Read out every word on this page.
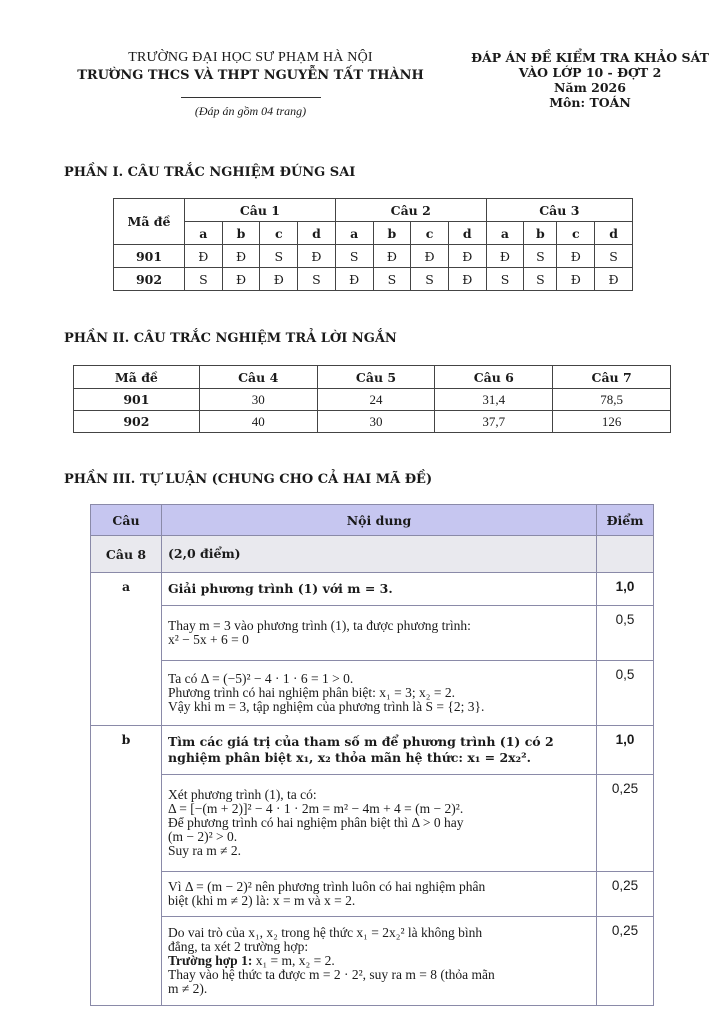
TRƯỜNG ĐẠI HỌC SƯ PHẠM HÀ NỘI
TRƯỜNG THCS VÀ THPT NGUYỄN TẤT THÀNH
(Đáp án gồm 04 trang)
ĐÁP ÁN ĐỀ KIỂM TRA KHẢO SÁT
VÀO LỚP 10 - ĐỢT 2
Năm 2026
Môn: TOÁN
PHẦN I. CÂU TRẮC NGHIỆM ĐÚNG SAI
Mã đề	Câu 1				Câu 2				Câu 3			
	a	b	c	d	a	b	c	d	a	b	c	d
901	Đ	Đ	S	Đ	S	Đ	Đ	Đ	Đ	S	Đ	S
902	S	Đ	Đ	S	Đ	S	S	Đ	S	S	Đ	Đ
PHẦN II. CÂU TRẮC NGHIỆM TRẢ LỜI NGẮN
Mã đề	Câu 4	Câu 5	Câu 6	Câu 7
901	30	24	31,4	78,5
902	40	30	37,7	126
PHẦN III. TỰ LUẬN (CHUNG CHO CẢ HAI MÃ ĐỀ)
Câu	Nội dung	Điểm
Câu 8	(2,0 điểm)	
a	Giải phương trình (1) với m = 3.	1,0

	Thay m = 3 vào phương trình (1), ta được phương trình:
x² − 5x + 6 = 0	0,5

	Ta có Δ = (−5)² − 4 · 1 · 6 = 1 > 0.
Phương trình có hai nghiệm phân biệt: x₁ = 3; x₂ = 2.
Vậy khi m = 3, tập nghiệm của phương trình là S = {2; 3}.	0,5
b	Tìm các giá trị của tham số m để phương trình (1) có 2
nghiệm phân biệt x₁, x₂ thỏa mãn hệ thức: x₁ = 2x₂².	1,0

	Xét phương trình (1), ta có:
Δ = [−(m + 2)]² − 4 · 1 · 2m = m² − 4m + 4 = (m − 2)².
Để phương trình có hai nghiệm phân biệt thì Δ > 0 hay
(m − 2)² > 0.
Suy ra m ≠ 2.	0,25

	Vì Δ = (m − 2)² nên phương trình luôn có hai nghiệm phân
biệt (khi m ≠ 2) là: x = m và x = 2.	0,25

	Do vai trò của x₁, x₂ trong hệ thức x₁ = 2x₂² là không bình
đẳng, ta xét 2 trường hợp:
Trường hợp 1: x₁ = m, x₂ = 2.
Thay vào hệ thức ta được m = 2 · 2², suy ra m = 8 (thỏa mãn
m ≠ 2).	0,25
